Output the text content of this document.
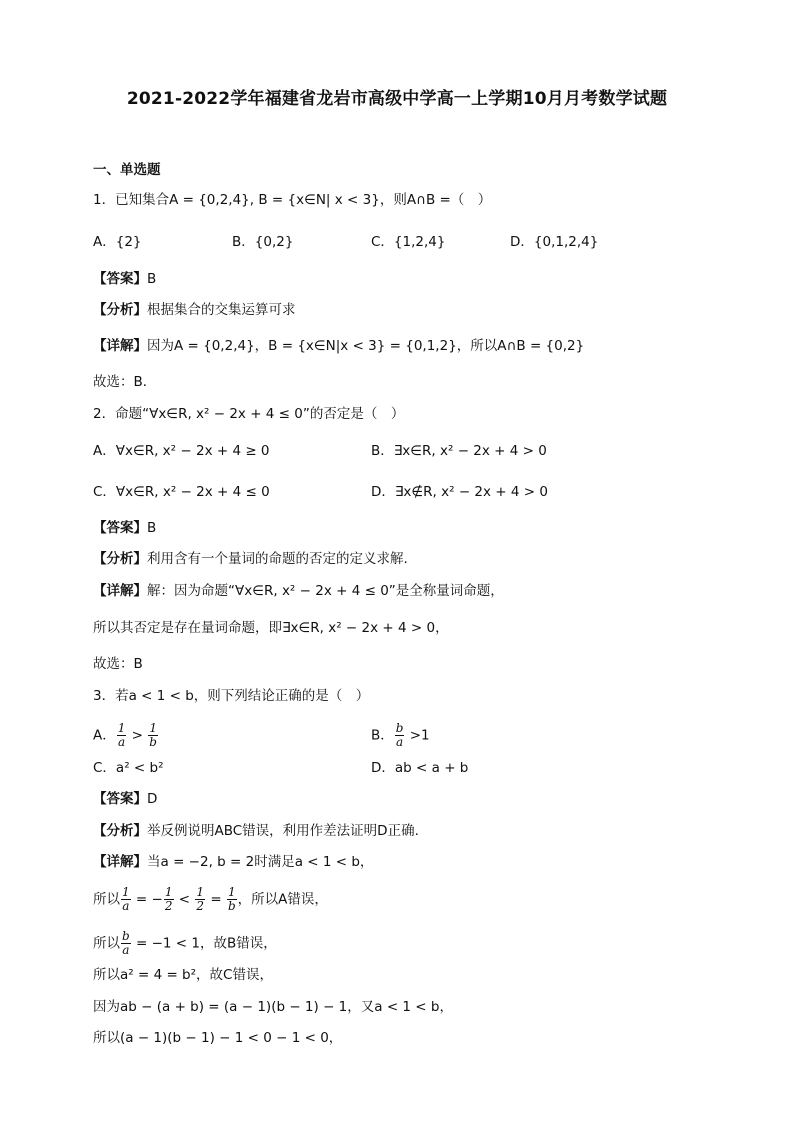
2021-2022学年福建省龙岩市高级中学高一上学期10月月考数学试题
一、单选题
1．已知集合A = {0,2,4}, B = {x∈N| x < 3}，则A∩B =（　）
A．{2}	B．{0,2}	C．{1,2,4}	D．{0,1,2,4}
【答案】B
【分析】根据集合的交集运算可求
【详解】因为A = {0,2,4}，B = {x∈N|x < 3} = {0,1,2}，所以A∩B = {0,2}
故选：B．
2．命题“∀x∈R, x² − 2x + 4 ≤ 0”的否定是（　）
A．∀x∈R, x² − 2x + 4 ≥ 0	B．∃x∈R, x² − 2x + 4 > 0
C．∀x∈R, x² − 2x + 4 ≤ 0	D．∃x∉R, x² − 2x + 4 > 0
【答案】B
【分析】利用含有一个量词的命题的否定的定义求解.
【详解】解：因为命题“∀x∈R, x² − 2x + 4 ≤ 0”是全称量词命题，
所以其否定是存在量词命题，即∃x∈R, x² − 2x + 4 > 0，
故选：B
3．若a < 1 < b，则下列结论正确的是（　）
A． $\frac{1}{a} > \frac{1}{b}$	B． $\frac{b}{a} >1$
C．a² < b²	D．ab < a + b
【答案】D
【分析】举反例说明ABC错误，利用作差法证明D正确.
【详解】当a = −2, b = 2时满足a < 1 < b，
所以 $\frac{1}{a}$ = − $\frac{1}{2} < \frac{1}{2} = \frac{1}{b}$ ，所以A错误，
所以 $\frac{b}{a} = -1 < 1$，故B错误，
所以a² = 4 = b²，故C错误，
因为ab − (a + b) = (a − 1)(b − 1) − 1，又a < 1 < b，
所以(a − 1)(b − 1) − 1 < 0 − 1 < 0，
